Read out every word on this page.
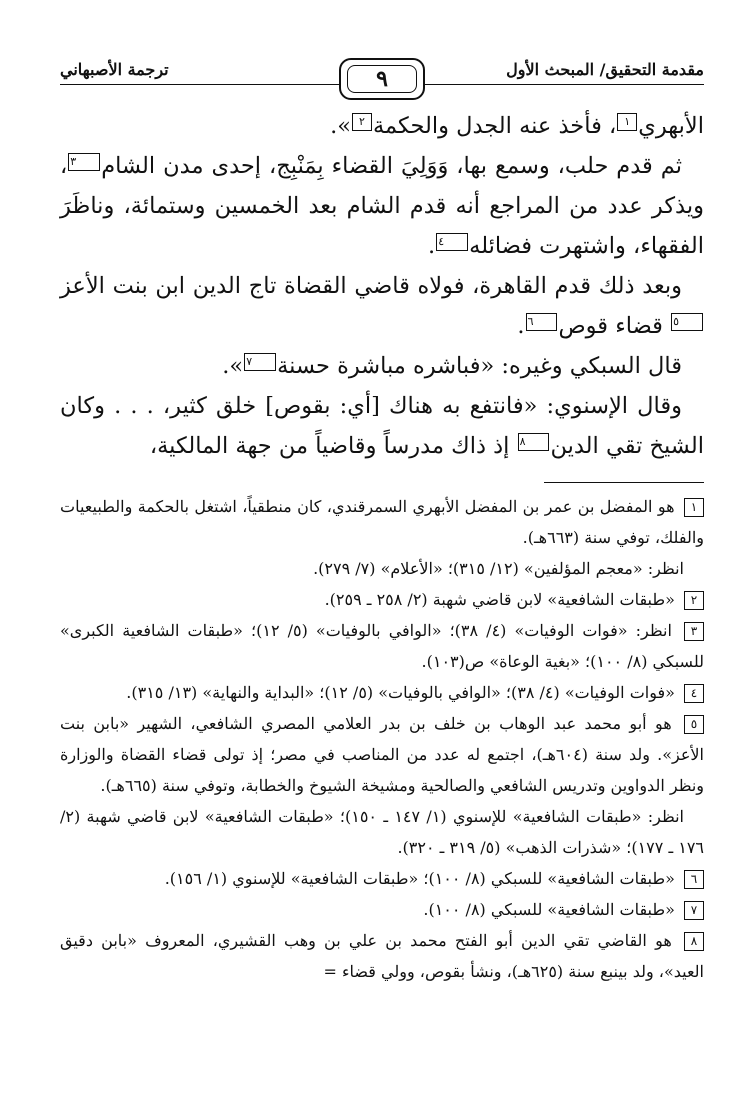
مقدمة التحقيق/ المبحث الأول
٩
ترجمة الأصبهاني

الأبهري١، فأخذ عنه الجدل والحكمة٢».

ثم قدم حلب، وسمع بها، وَوَلِيَ القضاء بِمَنْبِج، إحدى مدن الشام٣، ويذكر عدد من المراجع أنه قدم الشام بعد الخمسين وستمائة، وناظَرَ الفقهاء، واشتهرت فضائله٤.

وبعد ذلك قدم القاهرة، فولاه قاضي القضاة تاج الدين ابن بنت الأعز٥ قضاء قوص٦.

قال السبكي وغيره: «فباشره مباشرة حسنة٧».

وقال الإسنوي: «فانتفع به هناك [أي: بقوص] خلق كثير، . . . وكان الشيخ تقي الدين٨ إذ ذاك مدرساً وقاضياً من جهة المالكية،

١ هو المفضل بن عمر بن المفضل الأبهري السمرقندي، كان منطقياً، اشتغل بالحكمة والطبيعيات والفلك، توفي سنة (٦٦٣هـ).

انظر: «معجم المؤلفين» (١٢/ ٣١٥)؛ «الأعلام» (٧/ ٢٧٩).

٢ «طبقات الشافعية» لابن قاضي شهبة (٢/ ٢٥٨ ـ ٢٥٩).

٣ انظر: «فوات الوفيات» (٤/ ٣٨)؛ «الوافي بالوفيات» (٥/ ١٢)؛ «طبقات الشافعية الكبرى» للسبكي (٨/ ١٠٠)؛ «بغية الوعاة» ص(١٠٣).

٤ «فوات الوفيات» (٤/ ٣٨)؛ «الوافي بالوفيات» (٥/ ١٢)؛ «البداية والنهاية» (١٣/ ٣١٥).

٥ هو أبو محمد عبد الوهاب بن خلف بن بدر العلامي المصري الشافعي، الشهير «بابن بنت الأعز». ولد سنة (٦٠٤هـ)، اجتمع له عدد من المناصب في مصر؛ إذ تولى قضاء القضاة والوزارة ونظر الدواوين وتدريس الشافعي والصالحية ومشيخة الشيوخ والخطابة، وتوفي سنة (٦٦٥هـ).

انظر: «طبقات الشافعية» للإسنوي (١/ ١٤٧ ـ ١٥٠)؛ «طبقات الشافعية» لابن قاضي شهبة (٢/ ١٧٦ ـ ١٧٧)؛ «شذرات الذهب» (٥/ ٣١٩ ـ ٣٢٠).

٦ «طبقات الشافعية» للسبكي (٨/ ١٠٠)؛ «طبقات الشافعية» للإسنوي (١/ ١٥٦).

٧ «طبقات الشافعية» للسبكي (٨/ ١٠٠).

٨ هو القاضي تقي الدين أبو الفتح محمد بن علي بن وهب القشيري، المعروف «بابن دقيق العيد»، ولد بينبع سنة (٦٢٥هـ)، ونشأ بقوص، وولي قضاء =
